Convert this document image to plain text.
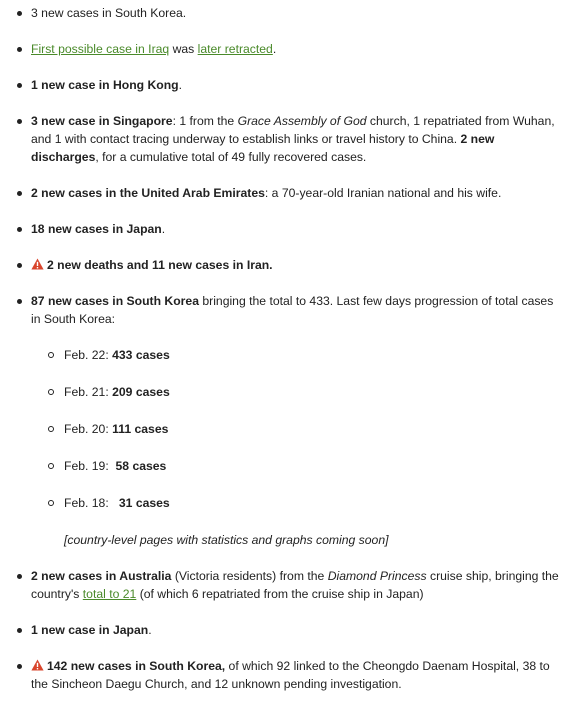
3 new cases in South Korea.
First possible case in Iraq was later retracted.
1 new case in Hong Kong.
3 new case in Singapore: 1 from the Grace Assembly of God church, 1 repatriated from Wuhan, and 1 with contact tracing underway to establish links or travel history to China. 2 new discharges, for a cumulative total of 49 fully recovered cases.
2 new cases in the United Arab Emirates: a 70-year-old Iranian national and his wife.
18 new cases in Japan.
2 new deaths and 11 new cases in Iran.
87 new cases in South Korea bringing the total to 433. Last few days progression of total cases in South Korea:
Feb. 22: 433 cases
Feb. 21: 209 cases
Feb. 20: 111 cases
Feb. 19:  58 cases
Feb. 18:   31 cases

[country-level pages with statistics and graphs coming soon]

2 new cases in Australia (Victoria residents) from the Diamond Princess cruise ship, bringing the country's total to 21 (of which 6 repatriated from the cruise ship in Japan)
1 new case in Japan.
142 new cases in South Korea, of which 92 linked to the Cheongdo Daenam Hospital, 38 to the Sincheon Daegu Church, and 12 unknown pending investigation.
